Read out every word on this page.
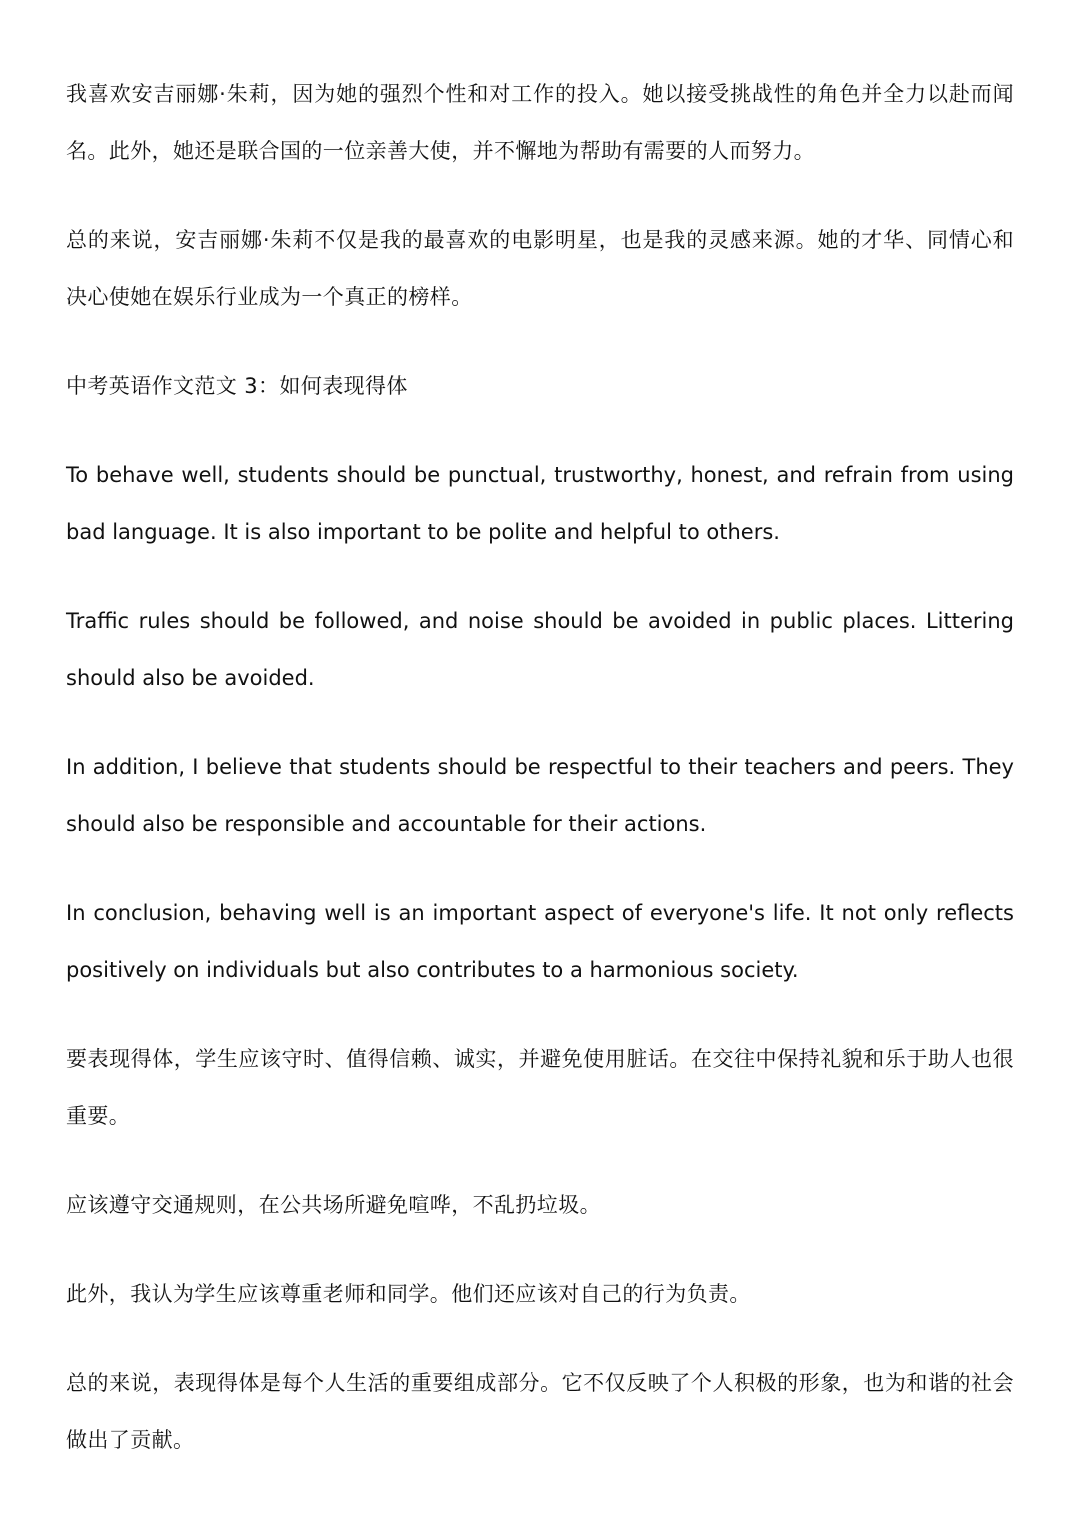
我喜欢安吉丽娜·朱莉，因为她的强烈个性和对工作的投入。她以接受挑战性的角色并全力以赴而闻名。此外，她还是联合国的一位亲善大使，并不懈地为帮助有需要的人而努力。

总的来说，安吉丽娜·朱莉不仅是我的最喜欢的电影明星，也是我的灵感来源。她的才华、同情心和决心使她在娱乐行业成为一个真正的榜样。

中考英语作文范文 3：如何表现得体

To behave well, students should be punctual, trustworthy, honest, and refrain from using bad language. It is also important to be polite and helpful to others.

Traffic rules should be followed, and noise should be avoided in public places. Littering should also be avoided.

In addition, I believe that students should be respectful to their teachers and peers. They should also be responsible and accountable for their actions.

In conclusion, behaving well is an important aspect of everyone's life. It not only reflects positively on individuals but also contributes to a harmonious society.

要表现得体，学生应该守时、值得信赖、诚实，并避免使用脏话。在交往中保持礼貌和乐于助人也很重要。

应该遵守交通规则，在公共场所避免喧哗，不乱扔垃圾。

此外，我认为学生应该尊重老师和同学。他们还应该对自己的行为负责。

总的来说，表现得体是每个人生活的重要组成部分。它不仅反映了个人积极的形象，也为和谐的社会做出了贡献。
